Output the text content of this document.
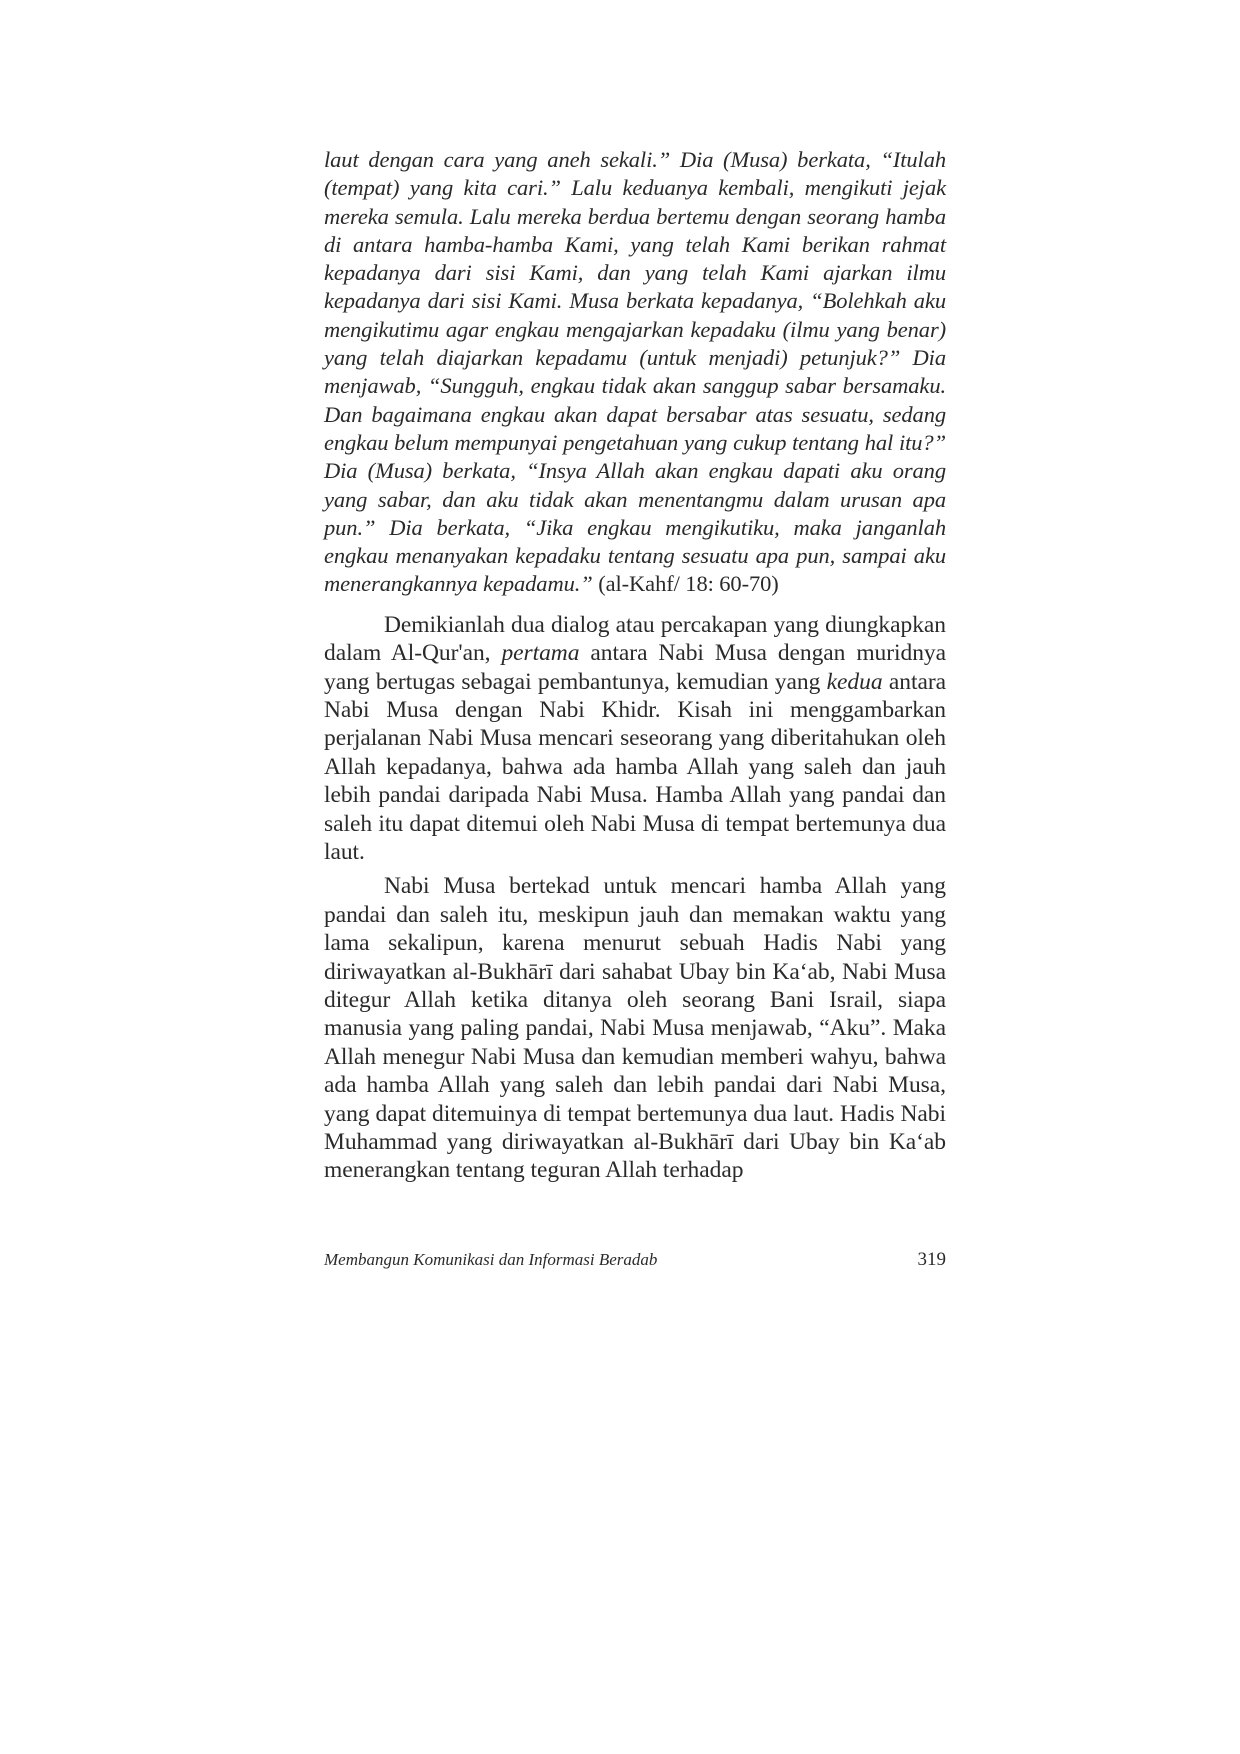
laut dengan cara yang aneh sekali.” Dia (Musa) berkata, “Itulah (tempat) yang kita cari.” Lalu keduanya kembali, mengikuti jejak mereka semula. Lalu mereka berdua bertemu dengan seorang hamba di antara hamba-hamba Kami, yang telah Kami berikan rahmat kepadanya dari sisi Kami, dan yang telah Kami ajarkan ilmu kepadanya dari sisi Kami. Musa berkata kepadanya, “Bolehkah aku mengikutimu agar engkau mengajarkan kepadaku (ilmu yang benar) yang telah diajarkan kepadamu (untuk menjadi) petunjuk?” Dia menjawab, “Sungguh, engkau tidak akan sanggup sabar bersamaku. Dan bagaimana engkau akan dapat bersabar atas sesuatu, sedang engkau belum mempunyai pengetahuan yang cukup tentang hal itu?” Dia (Musa) berkata, “Insya Allah akan engkau dapati aku orang yang sabar, dan aku tidak akan menentangmu dalam urusan apa pun.” Dia berkata, “Jika engkau mengikutiku, maka janganlah engkau menanyakan kepadaku tentang sesuatu apa pun, sampai aku menerangkannya kepadamu.” (al-Kahf/ 18: 60-70)

Demikianlah dua dialog atau percakapan yang diungkapkan dalam Al-Qur'an, pertama antara Nabi Musa dengan muridnya yang bertugas sebagai pembantunya, kemudian yang kedua antara Nabi Musa dengan Nabi Khidr. Kisah ini menggambarkan perjalanan Nabi Musa mencari seseorang yang diberitahukan oleh Allah kepadanya, bahwa ada hamba Allah yang saleh dan jauh lebih pandai daripada Nabi Musa. Hamba Allah yang pandai dan saleh itu dapat ditemui oleh Nabi Musa di tempat bertemunya dua laut.

Nabi Musa bertekad untuk mencari hamba Allah yang pandai dan saleh itu, meskipun jauh dan memakan waktu yang lama sekalipun, karena menurut sebuah Hadis Nabi yang diriwayatkan al-Bukhārī dari sahabat Ubay bin Ka‘ab, Nabi Musa ditegur Allah ketika ditanya oleh seorang Bani Israil, siapa manusia yang paling pandai, Nabi Musa menjawab, “Aku”. Maka Allah menegur Nabi Musa dan kemudian memberi wahyu, bahwa ada hamba Allah yang saleh dan lebih pandai dari Nabi Musa, yang dapat ditemuinya di tempat bertemunya dua laut. Hadis Nabi Muhammad yang diriwayatkan al-Bukhārī dari Ubay bin Ka‘ab menerangkan tentang teguran Allah terhadap

Membangun Komunikasi dan Informasi Beradab	319
